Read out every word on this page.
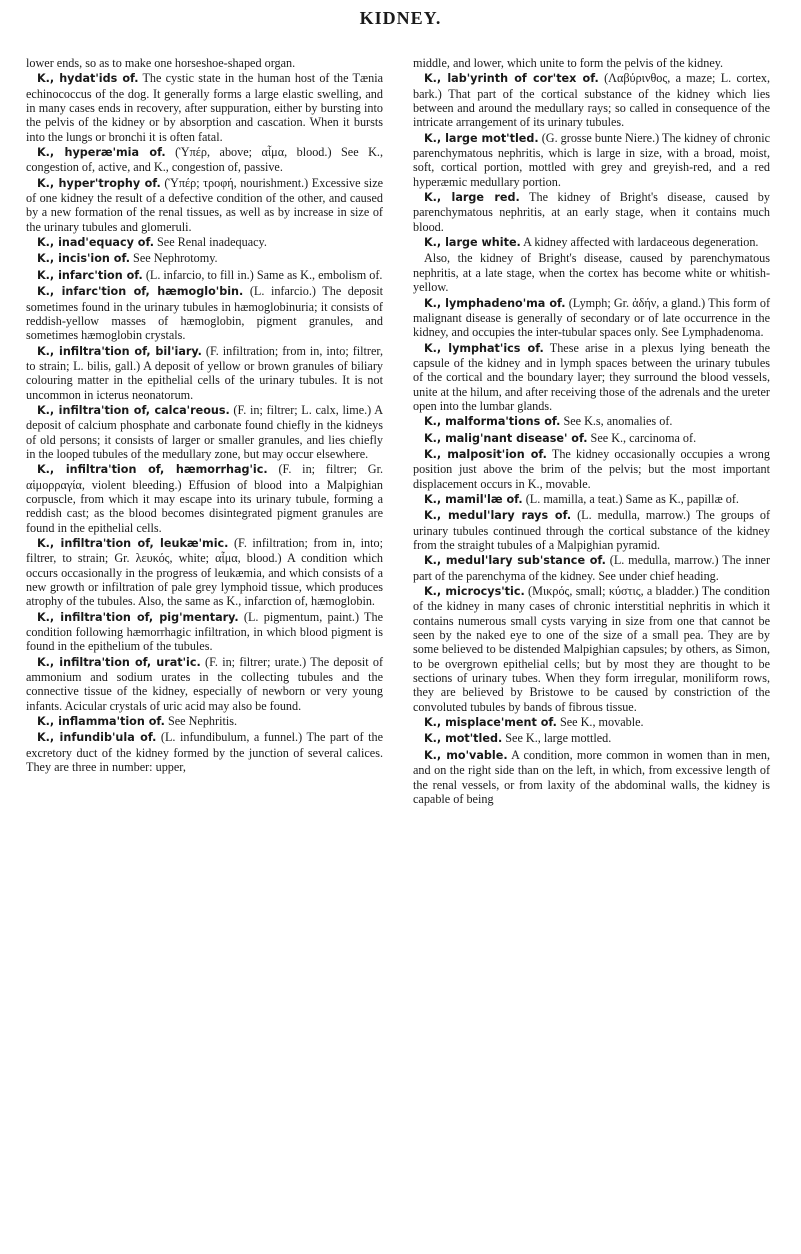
KIDNEY.

lower ends, so as to make one horseshoe-shaped organ.

K., hydat'ids of. The cystic state in the human host of the Tænia echinococcus of the dog. It generally forms a large elastic swelling, and in many cases ends in recovery, after suppuration, either by bursting into the pelvis of the kidney or by absorption and cascation. When it bursts into the lungs or bronchi it is often fatal.

K., hyperæ'mia of. (Ὑπέρ, above; αἷμα, blood.) See K., congestion of, active, and K., congestion of, passive.

K., hyper'trophy of. (Ὑπέρ; τροφή, nourishment.) Excessive size of one kidney the result of a defective condition of the other, and caused by a new formation of the renal tissues, as well as by increase in size of the urinary tubules and glomeruli.

K., inad'equacy of. See Renal inadequacy.

K., incis'ion of. See Nephrotomy.

K., infarc'tion of. (L. infarcio, to fill in.) Same as K., embolism of.

K., infarc'tion of, hæmoglo'bin. (L. infarcio.) The deposit sometimes found in the urinary tubules in hæmoglobinuria; it consists of reddish-yellow masses of hæmoglobin, pigment granules, and sometimes hæmoglobin crystals.

K., infiltra'tion of, bil'iary. (F. infiltration; from in, into; filtrer, to strain; L. bilis, gall.) A deposit of yellow or brown granules of biliary colouring matter in the epithelial cells of the urinary tubules. It is not uncommon in icterus neonatorum.

K., infiltra'tion of, calca'reous. (F. in; filtrer; L. calx, lime.) A deposit of calcium phosphate and carbonate found chiefly in the kidneys of old persons; it consists of larger or smaller granules, and lies chiefly in the looped tubules of the medullary zone, but may occur elsewhere.

K., infiltra'tion of, hæmorrhag'ic. (F. in; filtrer; Gr. αἱμορραγία, violent bleeding.) Effusion of blood into a Malpighian corpuscle, from which it may escape into its urinary tubule, forming a reddish cast; as the blood becomes disintegrated pigment granules are found in the epithelial cells.

K., infiltra'tion of, leukæ'mic. (F. infiltration; from in, into; filtrer, to strain; Gr. λευκός, white; αἷμα, blood.) A condition which occurs occasionally in the progress of leukæmia, and which consists of a new growth or infiltration of pale grey lymphoid tissue, which produces atrophy of the tubules. Also, the same as K., infarction of, hæmoglobin.

K., infiltra'tion of, pig'mentary. (L. pigmentum, paint.) The condition following hæmorrhagic infiltration, in which blood pigment is found in the epithelium of the tubules.

K., infiltra'tion of, urat'ic. (F. in; filtrer; urate.) The deposit of ammonium and sodium urates in the collecting tubules and the connective tissue of the kidney, especially of newborn or very young infants. Acicular crystals of uric acid may also be found.

K., inflamma'tion of. See Nephritis.

K., infundib'ula of. (L. infundibulum, a funnel.) The part of the excretory duct of the kidney formed by the junction of several calices. They are three in number: upper,

middle, and lower, which unite to form the pelvis of the kidney.

K., lab'yrinth of cor'tex of. (Λαβύρινθος, a maze; L. cortex, bark.) That part of the cortical substance of the kidney which lies between and around the medullary rays; so called in consequence of the intricate arrangement of its urinary tubules.

K., large mot'tled. (G. grosse bunte Niere.) The kidney of chronic parenchymatous nephritis, which is large in size, with a broad, moist, soft, cortical portion, mottled with grey and greyish-red, and a red hyperæmic medullary portion.

K., large red. The kidney of Bright's disease, caused by parenchymatous nephritis, at an early stage, when it contains much blood.

K., large white. A kidney affected with lardaceous degeneration.

Also, the kidney of Bright's disease, caused by parenchymatous nephritis, at a late stage, when the cortex has become white or whitish-yellow.

K., lymphadeno'ma of. (Lymph; Gr. ἀδήν, a gland.) This form of malignant disease is generally of secondary or of late occurrence in the kidney, and occupies the inter-tubular spaces only. See Lymphadenoma.

K., lymphat'ics of. These arise in a plexus lying beneath the capsule of the kidney and in lymph spaces between the urinary tubules of the cortical and the boundary layer; they surround the blood vessels, unite at the hilum, and after receiving those of the adrenals and the ureter open into the lumbar glands.

K., malforma'tions of. See K.s, anomalies of.

K., malig'nant disease' of. See K., carcinoma of.

K., malposit'ion of. The kidney occasionally occupies a wrong position just above the brim of the pelvis; but the most important displacement occurs in K., movable.

K., mamil'læ of. (L. mamilla, a teat.) Same as K., papillæ of.

K., medul'lary rays of. (L. medulla, marrow.) The groups of urinary tubules continued through the cortical substance of the kidney from the straight tubules of a Malpighian pyramid.

K., medul'lary sub'stance of. (L. medulla, marrow.) The inner part of the parenchyma of the kidney. See under chief heading.

K., microcys'tic. (Μικρός, small; κύστις, a bladder.) The condition of the kidney in many cases of chronic interstitial nephritis in which it contains numerous small cysts varying in size from one that cannot be seen by the naked eye to one of the size of a small pea. They are by some believed to be distended Malpighian capsules; by others, as Simon, to be overgrown epithelial cells; but by most they are thought to be sections of urinary tubes. When they form irregular, moniliform rows, they are believed by Bristowe to be caused by constriction of the convoluted tubules by bands of fibrous tissue.

K., misplace'ment of. See K., movable.

K., mot'tled. See K., large mottled.

K., mo'vable. A condition, more common in women than in men, and on the right side than on the left, in which, from excessive length of the renal vessels, or from laxity of the abdominal walls, the kidney is capable of being
